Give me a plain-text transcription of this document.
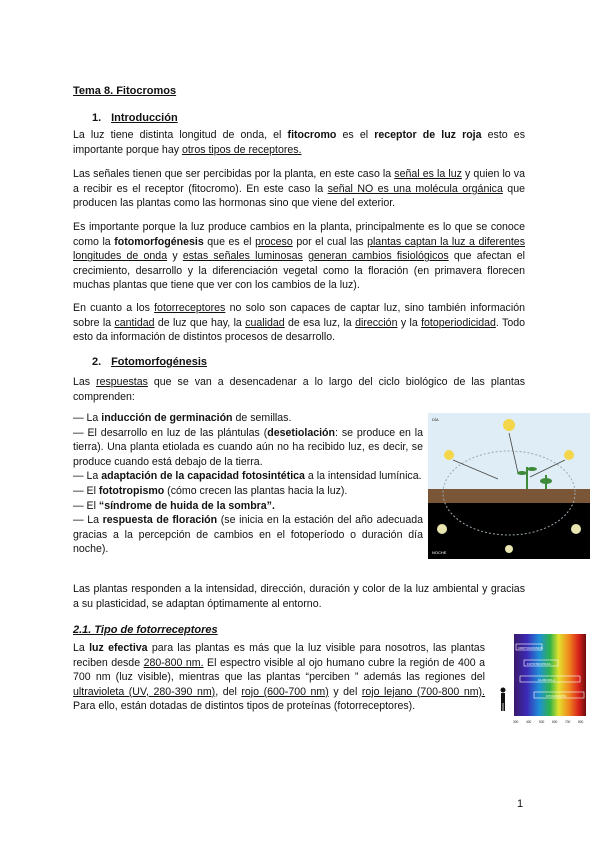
Tema 8. Fitocromos
1. Introducción
La luz tiene distinta longitud de onda, el fitocromo es el receptor de luz roja esto es importante porque hay otros tipos de receptores.
Las señales tienen que ser percibidas por la planta, en este caso la señal es la luz y quien lo va a recibir es el receptor (fitocromo). En este caso la señal NO es una molécula orgánica que producen las plantas como las hormonas sino que viene del exterior.
Es importante porque la luz produce cambios en la planta, principalmente es lo que se conoce como la fotomorfogénesis que es el proceso por el cual las plantas captan la luz a diferentes longitudes de onda y estas señales luminosas generan cambios fisiológicos que afectan el crecimiento, desarrollo y la diferenciación vegetal como la floración (en primavera florecen muchas plantas que tiene que ver con los cambios de la luz).
En cuanto a los fotorreceptores no solo son capaces de captar luz, sino también información sobre la cantidad de luz que hay, la cualidad de esa luz, la dirección y la fotoperiodicidad. Todo esto da información de distintos procesos de desarrollo.
2. Fotomorfogénesis
Las respuestas que se van a desencadenar a lo largo del ciclo biológico de las plantas comprenden:
— La inducción de germinación de semillas.
— El desarrollo en luz de las plántulas (desetiolación: se produce en la tierra). Una planta etiolada es cuando aún no ha recibido luz, es decir, se produce cuando está debajo de la tierra.
— La adaptación de la capacidad fotosintética a la intensidad lumínica.
— El fototropismo (cómo crecen las plantas hacia la luz).
— El “síndrome de huida de la sombra”.
— La respuesta de floración (se inicia en la estación del año adecuada gracias a la percepción de cambios en el fotoperíodo o duración día noche).
DÍA
NOCHE
Las plantas responden a la intensidad, dirección, duración y color de la luz ambiental y gracias a su plasticidad, se adaptan óptimamente al entorno.
2.1. Tipo de fotorreceptores
La luz efectiva para las plantas es más que la luz visible para nosotros, las plantas reciben desde 280-800 nm. El espectro visible al ojo humano cubre la región de 400 a 700 nm (luz visible), mientras que las plantas “perciben ” además las regiones del ultravioleta (UV, 280-390 nm), del rojo (600-700 nm) y del rojo lejano (700-800 nm). Para ello, están dotadas de distintos tipos de proteínas (fotorreceptores).
CRIPTOCROMOS
FOTOTROPINAS
CLOROFILA
FITOCROMOS
300 400 500 600 700 800
1
